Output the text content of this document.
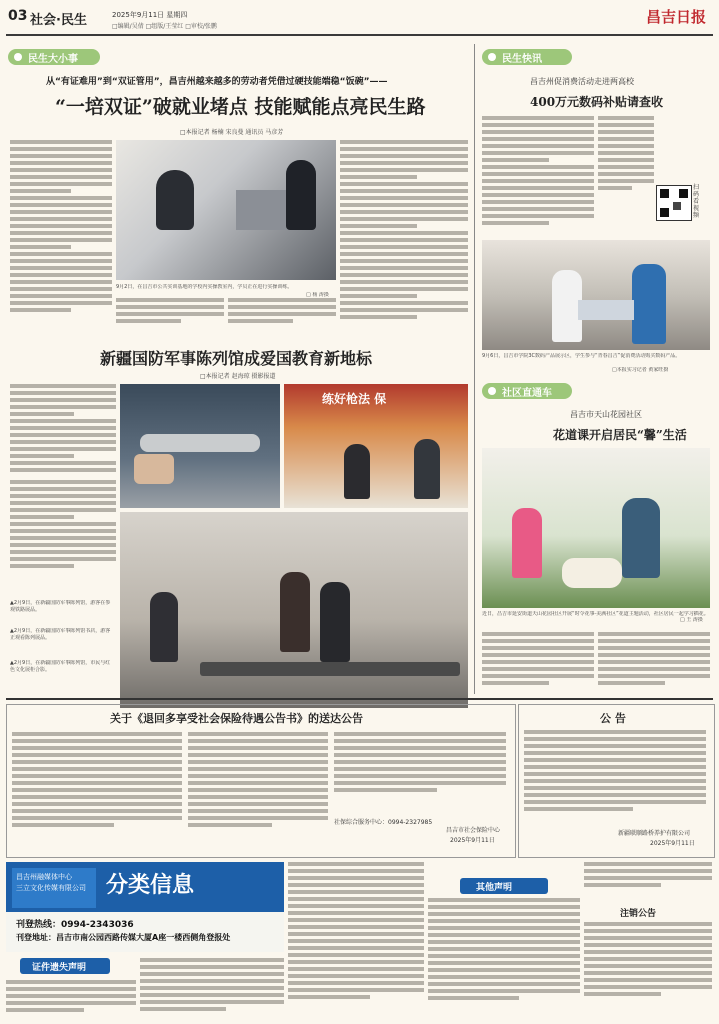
03 社会·民生	2025年9月11日 星期四
□编辑/吴倩 □组版/王莹红 □审校/张鹏
昌吉日报
民生大小事
从“有证难用”到“双证管用”，昌吉州越来越多的劳动者凭借过硬技能端稳“饭碗”——
“一培双证”破就业堵点 技能赋能点亮民生路
□本报记者 杨楠 宋良曼 通讯员 马彦芳
9月2日，在昌吉市公共实训基地的学校内实操教室内，学员正在进行实操训练。
□ 杨 涛摄
新疆国防军事陈列馆成爱国教育新地标
□本报记者 赵海琼 摄影报道
▲2月9日，在新疆国防军事陈列馆，游客在参观铁路展品。
▲2月9日，在新疆国防军事陈列馆书店，游客正观看陈列展品。
▲2月9日，在新疆国防军事陈列馆，市民与红色文化展柜合影。
练好枪法 保
民生快讯
昌吉州促消费活动走进两高校
400万元数码补贴请查收
扫码看视频
9月6日，昌吉市学院3C数码产品展示区，学生参与“青春昌吉”促消费活动购买数码产品。
□本报实习记者 黄家旺摄
社区直通车
昌吉市天山花园社区
花道课开启居民“馨”生活
近日，昌吉市延安街道天山花园社区开展“时令花事·美满社区”花道主题活动，社区居民一起学习插花。
□ 王 涛摄
关于《退回多享受社会保险待遇公告书》的送达公告
昌吉市社会保险中心
2025年9月11日
社保综合服务中心：0994-2327985
公 告
新疆联顺路桥养护有限公司
2025年9月11日
昌吉州融媒体中心
三立文化传媒有限公司 分类信息
刊登热线：0994-2343036
刊登地址：昌吉市南公园西路传媒大厦A座一楼西侧角登报处
证件遗失声明
其他声明
注销公告
